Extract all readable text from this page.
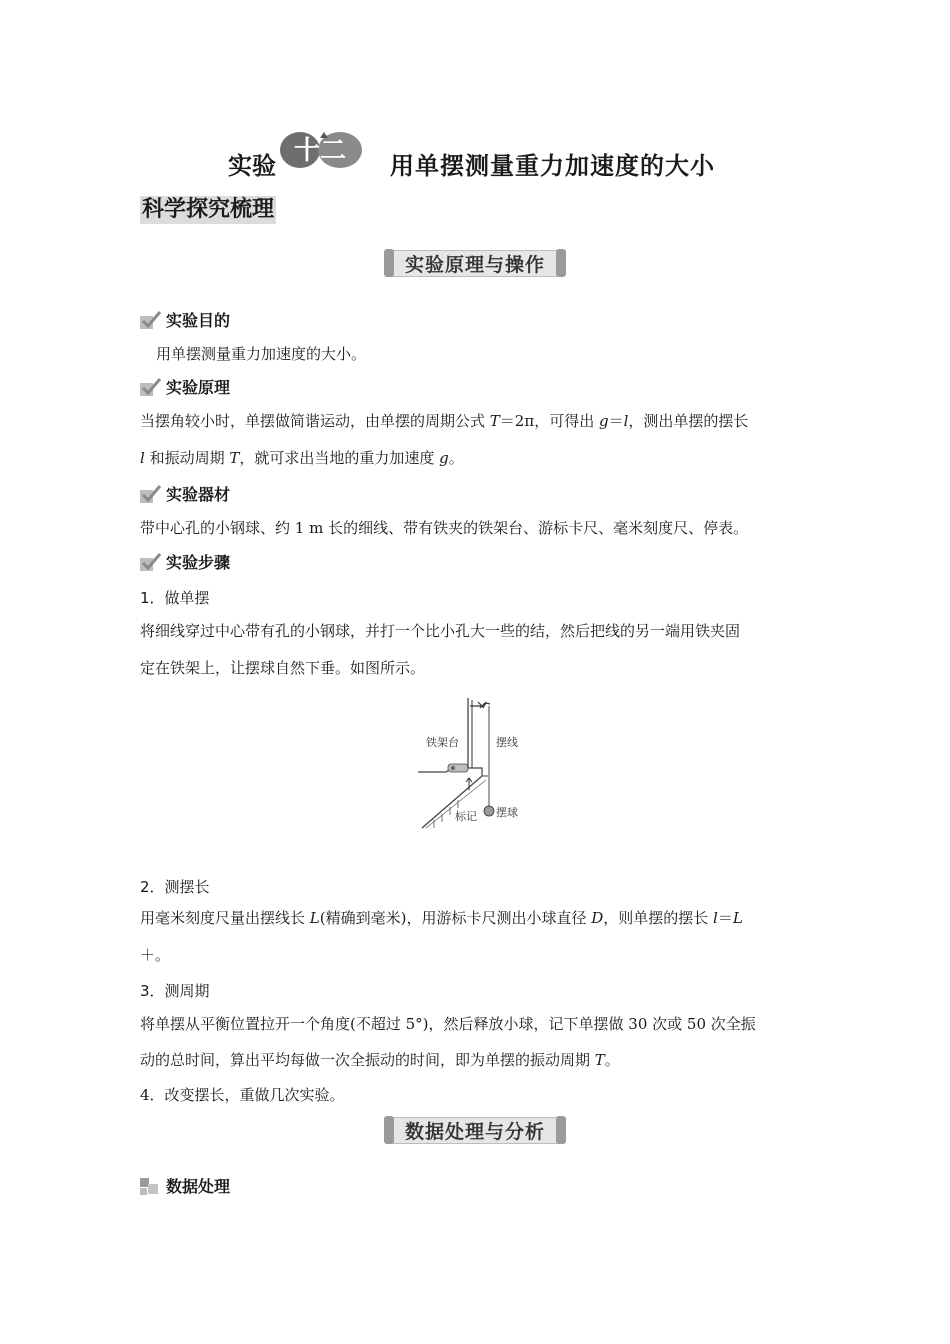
实验 十二 用单摆测量重力加速度的大小
科学探究梳理
实验原理与操作
实验目的
用单摆测量重力加速度的大小。
实验原理
当摆角较小时，单摆做简谐运动，由单摆的周期公式 T＝2π，可得出 g＝l，测出单摆的摆长
l 和振动周期 T，就可求出当地的重力加速度 g。
实验器材
带中心孔的小钢球、约 1 m 长的细线、带有铁夹的铁架台、游标卡尺、毫米刻度尺、停表。
实验步骤
1．做单摆
将细线穿过中心带有孔的小钢球，并打一个比小孔大一些的结，然后把线的另一端用铁夹固
定在铁架上，让摆球自然下垂。如图所示。
铁架台	摆线
标记 摆球
2．测摆长
用毫米刻度尺量出摆线长 L(精确到毫米)，用游标卡尺测出小球直径 D，则单摆的摆长 l＝L
＋。
3．测周期
将单摆从平衡位置拉开一个角度(不超过 5°)，然后释放小球，记下单摆做 30 次或 50 次全振
动的总时间，算出平均每做一次全振动的时间，即为单摆的振动周期 T。
4．改变摆长，重做几次实验。
数据处理与分析
数据处理
